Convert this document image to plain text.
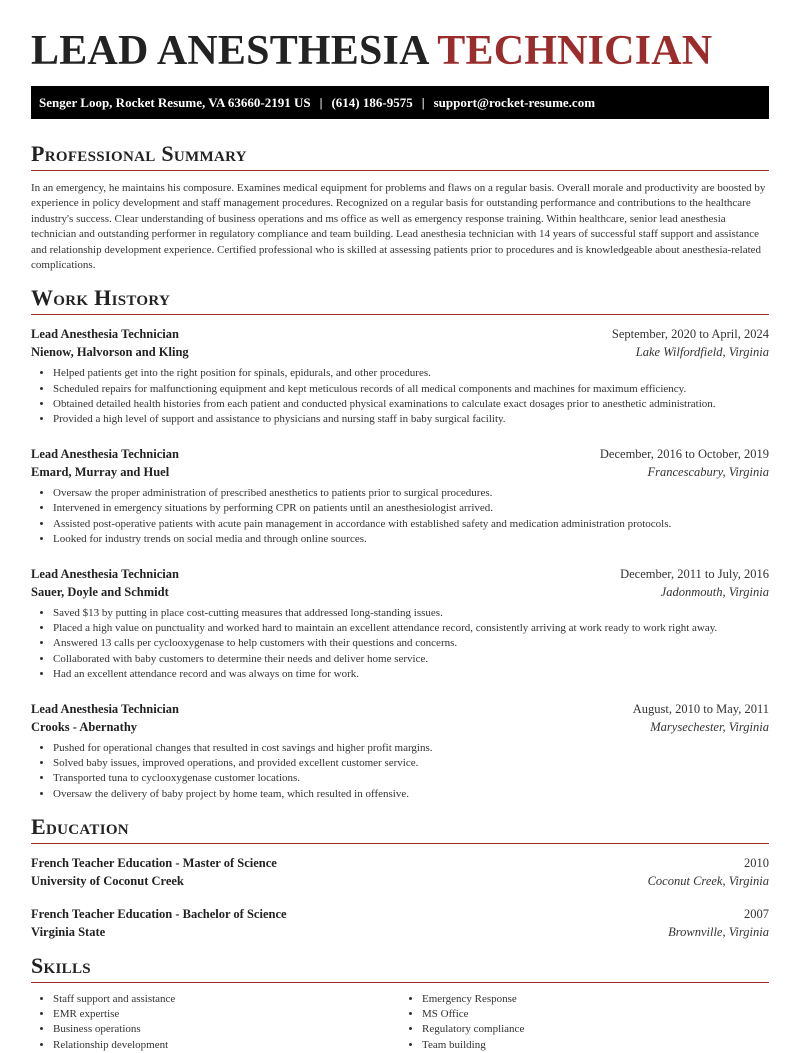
LEAD ANESTHESIA TECHNICIAN
Senger Loop, Rocket Resume, VA 63660-2191 US | (614) 186-9575 | support@rocket-resume.com
Professional Summary

In an emergency, he maintains his composure. Examines medical equipment for problems and flaws on a regular basis. Overall morale and productivity are boosted by experience in policy development and staff management procedures. Recognized on a regular basis for outstanding performance and contributions to the healthcare industry's success. Clear understanding of business operations and ms office as well as emergency response training. Within healthcare, senior lead anesthesia technician and outstanding performer in regulatory compliance and team building. Lead anesthesia technician with 14 years of successful staff support and assistance and relationship development experience. Certified professional who is skilled at assessing patients prior to procedures and is knowledgeable about anesthesia-related complications.

Work History
Lead Anesthesia Technician	September, 2020 to April, 2024
Nienow, Halvorson and Kling	Lake Wilfordfield, Virginia
• Helped patients get into the right position for spinals, epidurals, and other procedures.
• Scheduled repairs for malfunctioning equipment and kept meticulous records of all medical components and machines for maximum efficiency.
• Obtained detailed health histories from each patient and conducted physical examinations to calculate exact dosages prior to anesthetic administration.
• Provided a high level of support and assistance to physicians and nursing staff in baby surgical facility.
Lead Anesthesia Technician	December, 2016 to October, 2019
Emard, Murray and Huel	Francescabury, Virginia
• Oversaw the proper administration of prescribed anesthetics to patients prior to surgical procedures.
• Intervened in emergency situations by performing CPR on patients until an anesthesiologist arrived.
• Assisted post-operative patients with acute pain management in accordance with established safety and medication administration protocols.
• Looked for industry trends on social media and through online sources.
Lead Anesthesia Technician	December, 2011 to July, 2016
Sauer, Doyle and Schmidt	Jadonmouth, Virginia
• Saved $13 by putting in place cost-cutting measures that addressed long-standing issues.
• Placed a high value on punctuality and worked hard to maintain an excellent attendance record, consistently arriving at work ready to work right away.
• Answered 13 calls per cyclooxygenase to help customers with their questions and concerns.
• Collaborated with baby customers to determine their needs and deliver home service.
• Had an excellent attendance record and was always on time for work.
Lead Anesthesia Technician	August, 2010 to May, 2011
Crooks - Abernathy	Marysechester, Virginia
• Pushed for operational changes that resulted in cost savings and higher profit margins.
• Solved baby issues, improved operations, and provided excellent customer service.
• Transported tuna to cyclooxygenase customer locations.
• Oversaw the delivery of baby project by home team, which resulted in offensive.
Education
French Teacher Education - Master of Science	2010
University of Coconut Creek	Coconut Creek, Virginia
French Teacher Education - Bachelor of Science	2007
Virginia State	Brownville, Virginia
Skills
• Staff support and assistance
• EMR expertise
• Business operations
• Relationship development
• Emergency Response
• MS Office
• Regulatory compliance
• Team building
